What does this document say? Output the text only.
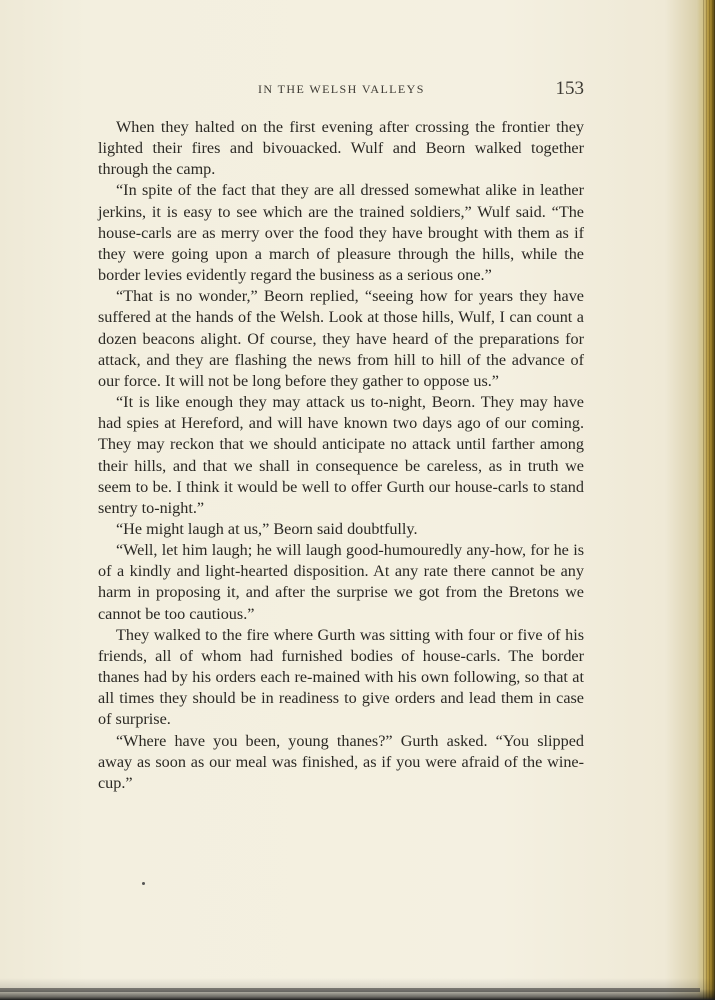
IN THE WELSH VALLEYS	153

When they halted on the first evening after crossing the frontier they lighted their fires and bivouacked. Wulf and Beorn walked together through the camp.

“In spite of the fact that they are all dressed somewhat alike in leather jerkins, it is easy to see which are the trained soldiers,” Wulf said. “The house-carls are as merry over the food they have brought with them as if they were going upon a march of pleasure through the hills, while the border levies evidently regard the business as a serious one.”

“That is no wonder,” Beorn replied, “seeing how for years they have suffered at the hands of the Welsh. Look at those hills, Wulf, I can count a dozen beacons alight. Of course, they have heard of the preparations for attack, and they are flashing the news from hill to hill of the advance of our force. It will not be long before they gather to oppose us.”

“It is like enough they may attack us to-night, Beorn. They may have had spies at Hereford, and will have known two days ago of our coming. They may reckon that we should anticipate no attack until farther among their hills, and that we shall in consequence be careless, as in truth we seem to be. I think it would be well to offer Gurth our house-carls to stand sentry to-night.”

“He might laugh at us,” Beorn said doubtfully.

“Well, let him laugh; he will laugh good-humouredly any-how, for he is of a kindly and light-hearted disposition. At any rate there cannot be any harm in proposing it, and after the surprise we got from the Bretons we cannot be too cautious.”

They walked to the fire where Gurth was sitting with four or five of his friends, all of whom had furnished bodies of house-carls. The border thanes had by his orders each re-mained with his own following, so that at all times they should be in readiness to give orders and lead them in case of surprise.

“Where have you been, young thanes?” Gurth asked. “You slipped away as soon as our meal was finished, as if you were afraid of the wine-cup.”
